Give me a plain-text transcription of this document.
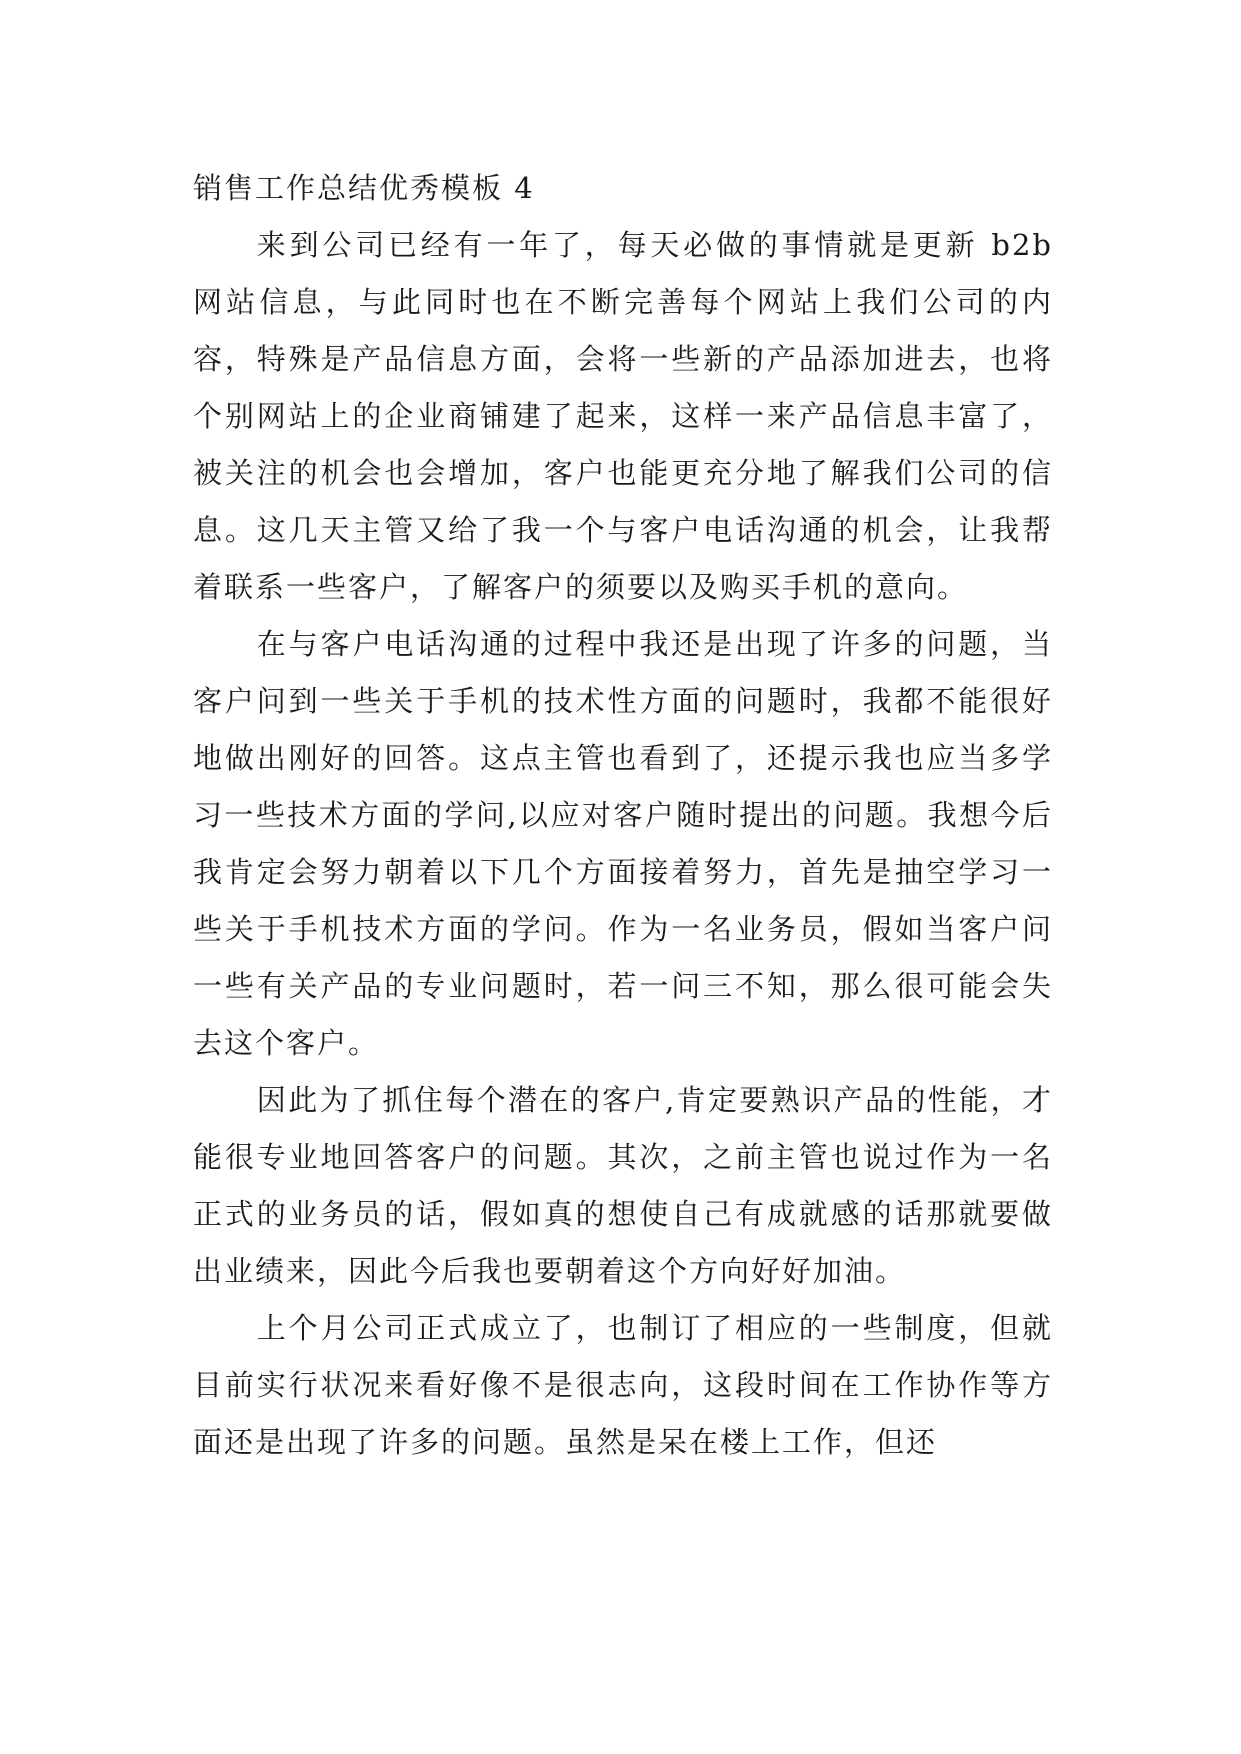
销售工作总结优秀模板 4

来到公司已经有一年了，每天必做的事情就是更新 b2b 网站信息，与此同时也在不断完善每个网站上我们公司的内容，特殊是产品信息方面，会将一些新的产品添加进去，也将个别网站上的企业商铺建了起来，这样一来产品信息丰富了，被关注的机会也会增加，客户也能更充分地了解我们公司的信息。这几天主管又给了我一个与客户电话沟通的机会，让我帮着联系一些客户，了解客户的须要以及购买手机的意向。

在与客户电话沟通的过程中我还是出现了许多的问题，当客户问到一些关于手机的技术性方面的问题时，我都不能很好地做出刚好的回答。这点主管也看到了，还提示我也应当多学习一些技术方面的学问,以应对客户随时提出的问题。我想今后我肯定会努力朝着以下几个方面接着努力，首先是抽空学习一些关于手机技术方面的学问。作为一名业务员，假如当客户问一些有关产品的专业问题时，若一问三不知，那么很可能会失去这个客户。

因此为了抓住每个潜在的客户,肯定要熟识产品的性能，才能很专业地回答客户的问题。其次，之前主管也说过作为一名正式的业务员的话，假如真的想使自己有成就感的话那就要做出业绩来，因此今后我也要朝着这个方向好好加油。

上个月公司正式成立了，也制订了相应的一些制度，但就目前实行状况来看好像不是很志向，这段时间在工作协作等方面还是出现了许多的问题。虽然是呆在楼上工作，但还
